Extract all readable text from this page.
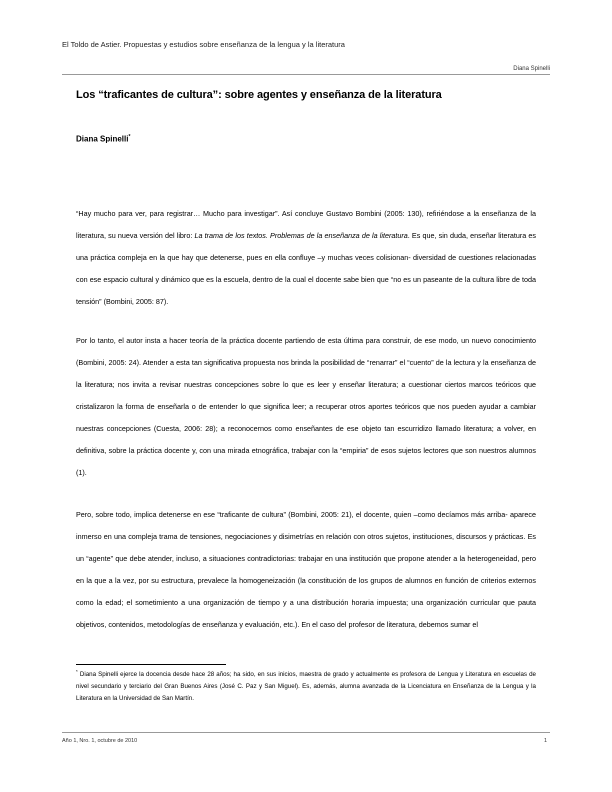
El Toldo de Astier. Propuestas y estudios sobre enseñanza de la lengua y la literatura
Diana Spinelli
Los “traficantes de cultura”: sobre agentes y enseñanza de la literatura
Diana Spinelli*
“Hay mucho para ver, para registrar… Mucho para investigar”. Así concluye Gustavo Bombini (2005: 130), refiriéndose a la enseñanza de la literatura, su nueva versión del libro: La trama de los textos. Problemas de la enseñanza de la literatura. Es que, sin duda, enseñar literatura es una práctica compleja en la que hay que detenerse, pues en ella confluye –y muchas veces colisionan- diversidad de cuestiones relacionadas con ese espacio cultural y dinámico que es la escuela, dentro de la cual el docente sabe bien que “no es un paseante de la cultura libre de toda tensión” (Bombini, 2005: 87).
Por lo tanto, el autor insta a hacer teoría de la práctica docente partiendo de esta última para construir, de ese modo, un nuevo conocimiento (Bombini, 2005: 24). Atender a esta tan significativa propuesta nos brinda la posibilidad de “renarrar” el “cuento” de la lectura y la enseñanza de la literatura; nos invita a revisar nuestras concepciones sobre lo que es leer y enseñar literatura; a cuestionar ciertos marcos teóricos que cristalizaron la forma de enseñarla o de entender lo que significa leer; a recuperar otros aportes teóricos que nos pueden ayudar a cambiar nuestras concepciones (Cuesta, 2006: 28); a reconocernos como enseñantes de ese objeto tan escurridizo llamado literatura; a volver, en definitiva, sobre la práctica docente y, con una mirada etnográfica, trabajar con la “empiria” de esos sujetos lectores que son nuestros alumnos (1).
Pero, sobre todo, implica detenerse en ese “traficante de cultura” (Bombini, 2005: 21), el docente, quien –como decíamos más arriba- aparece inmerso en una compleja trama de tensiones, negociaciones y disimetrías en relación con otros sujetos, instituciones, discursos y prácticas. Es un “agente” que debe atender, incluso, a situaciones contradictorias: trabajar en una institución que propone atender a la heterogeneidad, pero en la que a la vez, por su estructura, prevalece la homogeneización (la constitución de los grupos de alumnos en función de criterios externos como la edad; el sometimiento a una organización de tiempo y a una distribución horaria impuesta; una organización curricular que pauta objetivos, contenidos, metodologías de enseñanza y evaluación, etc.). En el caso del profesor de literatura, debemos sumar el
* Diana Spinelli ejerce la docencia desde hace 28 años; ha sido, en sus inicios, maestra de grado y actualmente es profesora de Lengua y Literatura en escuelas de nivel secundario y terciario del Gran Buenos Aires (José C. Paz y San Miguel). Es, además, alumna avanzada de la Licenciatura en Enseñanza de la Lengua y la Literatura en la Universidad de San Martín.
Año 1, Nro. 1, octubre de 2010	1
